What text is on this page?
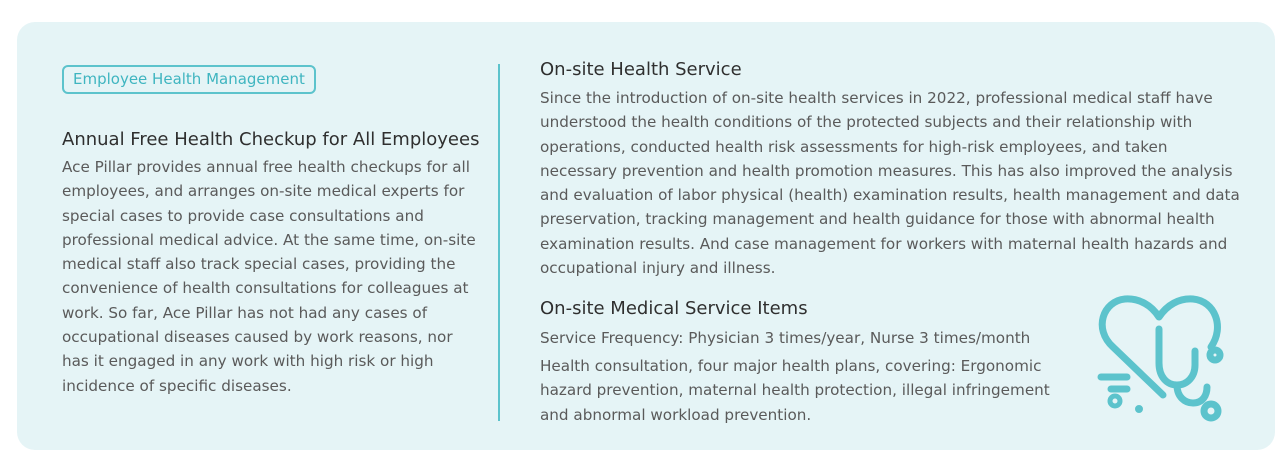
Employee Health Management
Annual Free Health Checkup for All Employees

Ace Pillar provides annual free health checkups for all employees, and arranges on-site medical experts for special cases to provide case consultations and professional medical advice. At the same time, on-site medical staff also track special cases, providing the convenience of health consultations for colleagues at work. So far, Ace Pillar has not had any cases of occupational diseases caused by work reasons, nor has it engaged in any work with high risk or high incidence of specific diseases.

On-site Health Service

Since the introduction of on-site health services in 2022, professional medical staff have understood the health conditions of the protected subjects and their relationship with operations, conducted health risk assessments for high-risk employees, and taken necessary prevention and health promotion measures. This has also improved the analysis and evaluation of labor physical (health) examination results, health management and data preservation, tracking management and health guidance for those with abnormal health examination results. And case management for workers with maternal health hazards and occupational injury and illness.

On-site Medical Service Items

Service Frequency: Physician 3 times/year, Nurse 3 times/month

Health consultation, four major health plans, covering: Ergonomic hazard prevention, maternal health protection, illegal infringement and abnormal workload prevention.
